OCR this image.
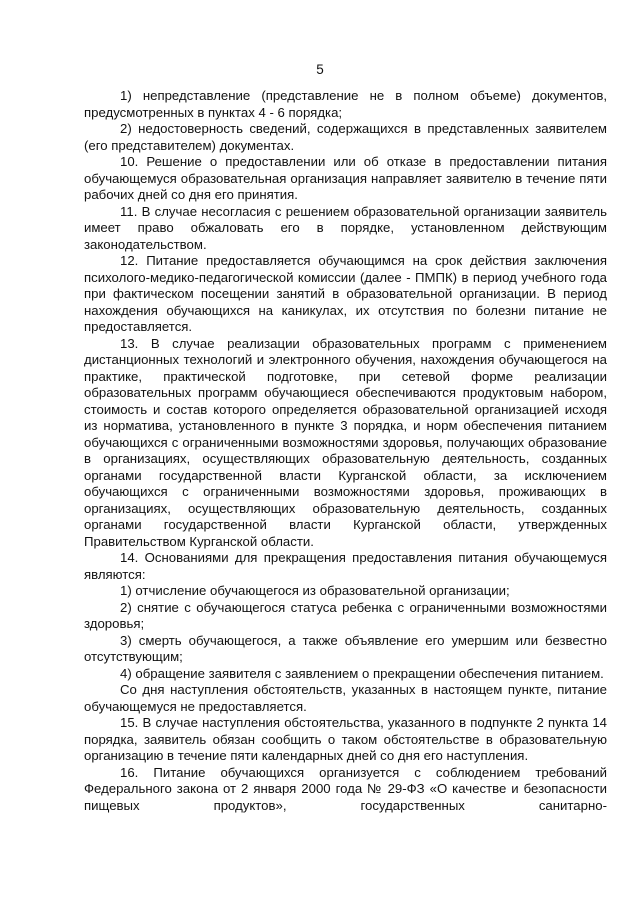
5

1) непредставление (представление не в полном объеме) документов, предусмотренных в пунктах 4 - 6 порядка;

2) недостоверность сведений, содержащихся в представленных заявителем (его представителем) документах.

10. Решение о предоставлении или об отказе в предоставлении питания обучающемуся образовательная организация направляет заявителю в течение пяти рабочих дней со дня его принятия.

11. В случае несогласия с решением образовательной организации заявитель имеет право обжаловать его в порядке, установленном действующим законодательством.

12. Питание предоставляется обучающимся на срок действия заключения психолого-медико-педагогической комиссии (далее - ПМПК) в период учебного года при фактическом посещении занятий в образовательной организации. В период нахождения обучающихся на каникулах, их отсутствия по болезни питание не предоставляется.

13. В случае реализации образовательных программ с применением дистанционных технологий и электронного обучения, нахождения обучающегося на практике, практической подготовке, при сетевой форме реализации образовательных программ обучающиеся обеспечиваются продуктовым набором, стоимость и состав которого определяется образовательной организацией исходя из норматива, установленного в пункте 3 порядка, и норм обеспечения питанием обучающихся с ограниченными возможностями здоровья, получающих образование в организациях, осуществляющих образовательную деятельность, созданных органами государственной власти Курганской области, за исключением обучающихся с ограниченными возможностями здоровья, проживающих в организациях, осуществляющих образовательную деятельность, созданных органами государственной власти Курганской области, утвержденных Правительством Курганской области.

14. Основаниями для прекращения предоставления питания обучающемуся являются:

1) отчисление обучающегося из образовательной организации;

2) снятие с обучающегося статуса ребенка с ограниченными возможностями здоровья;

3) смерть обучающегося, а также объявление его умершим или безвестно отсутствующим;

4) обращение заявителя с заявлением о прекращении обеспечения питанием.

Со дня наступления обстоятельств, указанных в настоящем пункте, питание обучающемуся не предоставляется.

15. В случае наступления обстоятельства, указанного в подпункте 2 пункта 14 порядка, заявитель обязан сообщить о таком обстоятельстве в образовательную организацию в течение пяти календарных дней со дня его наступления.

16. Питание обучающихся организуется с соблюдением требований Федерального закона от 2 января 2000 года № 29-ФЗ «О качестве и безопасности пищевых продуктов», государственных санитарно-
